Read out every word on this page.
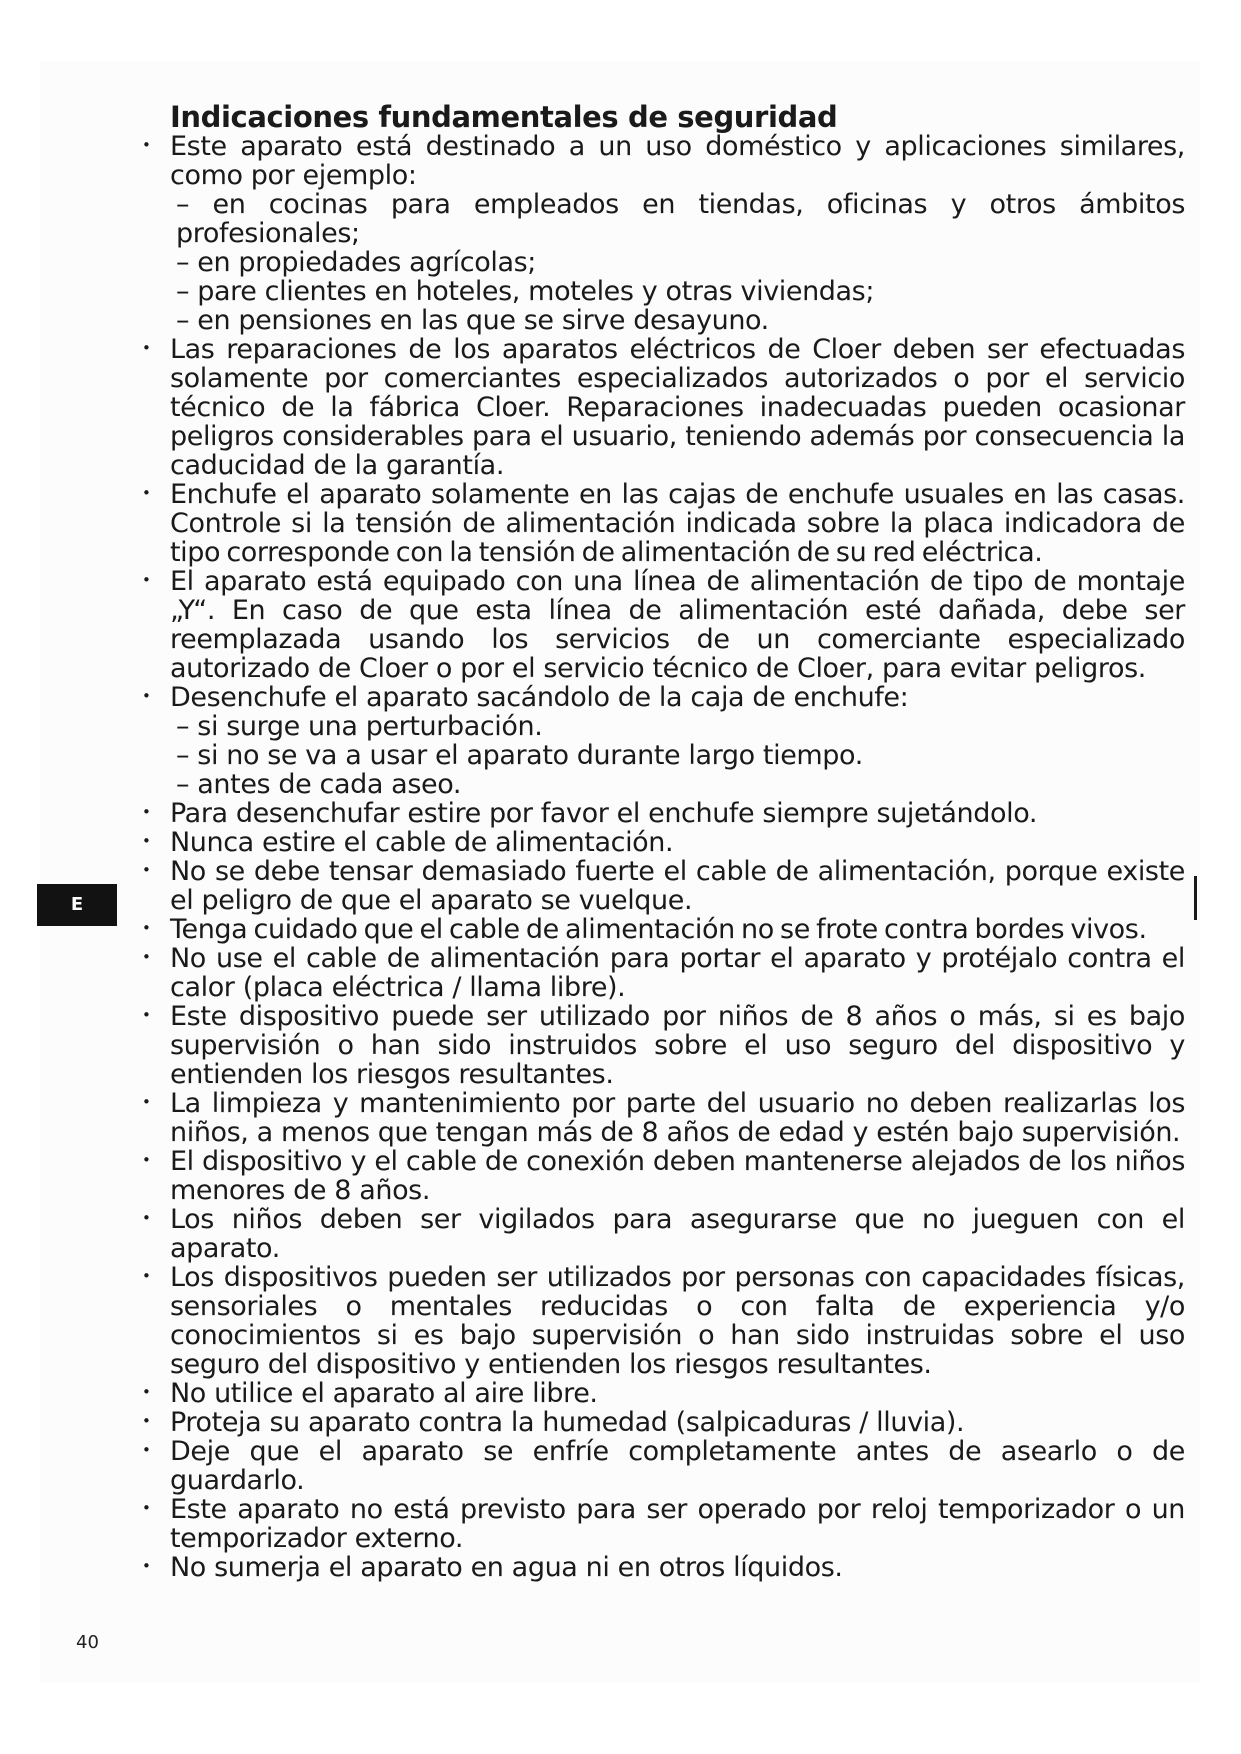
Indicaciones fundamentales de seguridad
• Este aparato está destinado a un uso doméstico y aplicaciones similares, como por ejemplo:
– en cocinas para empleados en tiendas, oficinas y otros ámbitos profesionales;
– en propiedades agrícolas;
– pare clientes en hoteles, moteles y otras viviendas;
– en pensiones en las que se sirve desayuno.
• Las reparaciones de los aparatos eléctricos de Cloer deben ser efectuadas solamente por comerciantes especializados autorizados o por el servicio técnico de la fábrica Cloer. Reparaciones inadecuadas pueden ocasionar peligros considerables para el usuario, teniendo además por consecuencia la caducidad de la garantía.
• Enchufe el aparato solamente en las cajas de enchufe usuales en las casas. Controle si la tensión de alimentación indicada sobre la placa indicadora de tipo corresponde con la tensión de alimentación de su red eléctrica.
• El aparato está equipado con una línea de alimentación de tipo de montaje „Y“. En caso de que esta línea de alimentación esté dañada, debe ser reemplazada usando los servicios de un comerciante especializado autorizado de Cloer o por el servicio técnico de Cloer, para evitar peligros.
• Desenchufe el aparato sacándolo de la caja de enchufe:
– si surge una perturbación.
– si no se va a usar el aparato durante largo tiempo.
– antes de cada aseo.
• Para desenchufar estire por favor el enchufe siempre sujetándolo.
• Nunca estire el cable de alimentación.
• No se debe tensar demasiado fuerte el cable de alimentación, porque existe el peligro de que el aparato se vuelque.
• Tenga cuidado que el cable de alimentación no se frote contra bordes vivos.
• No use el cable de alimentación para portar el aparato y protéjalo contra el calor (placa eléctrica / llama libre).
• Este dispositivo puede ser utilizado por niños de 8 años o más, si es bajo supervisión o han sido instruidos sobre el uso seguro del dispositivo y entienden los riesgos resultantes.
• La limpieza y mantenimiento por parte del usuario no deben realizarlas los niños, a menos que tengan más de 8 años de edad y estén bajo supervisión.
• El dispositivo y el cable de conexión deben mantenerse alejados de los niños menores de 8 años.
• Los niños deben ser vigilados para asegurarse que no jueguen con el aparato.
• Los dispositivos pueden ser utilizados por personas con capacidades físicas, sensoriales o mentales reducidas o con falta de experiencia y/o conocimientos si es bajo supervisión o han sido instruidas sobre el uso seguro del dispositivo y entienden los riesgos resultantes.
• No utilice el aparato al aire libre.
• Proteja su aparato contra la humedad (salpicaduras / lluvia).
• Deje que el aparato se enfríe completamente antes de asearlo o de guardarlo.
• Este aparato no está previsto para ser operado por reloj temporizador o un temporizador externo.
• No sumerja el aparato en agua ni en otros líquidos.
E
40
